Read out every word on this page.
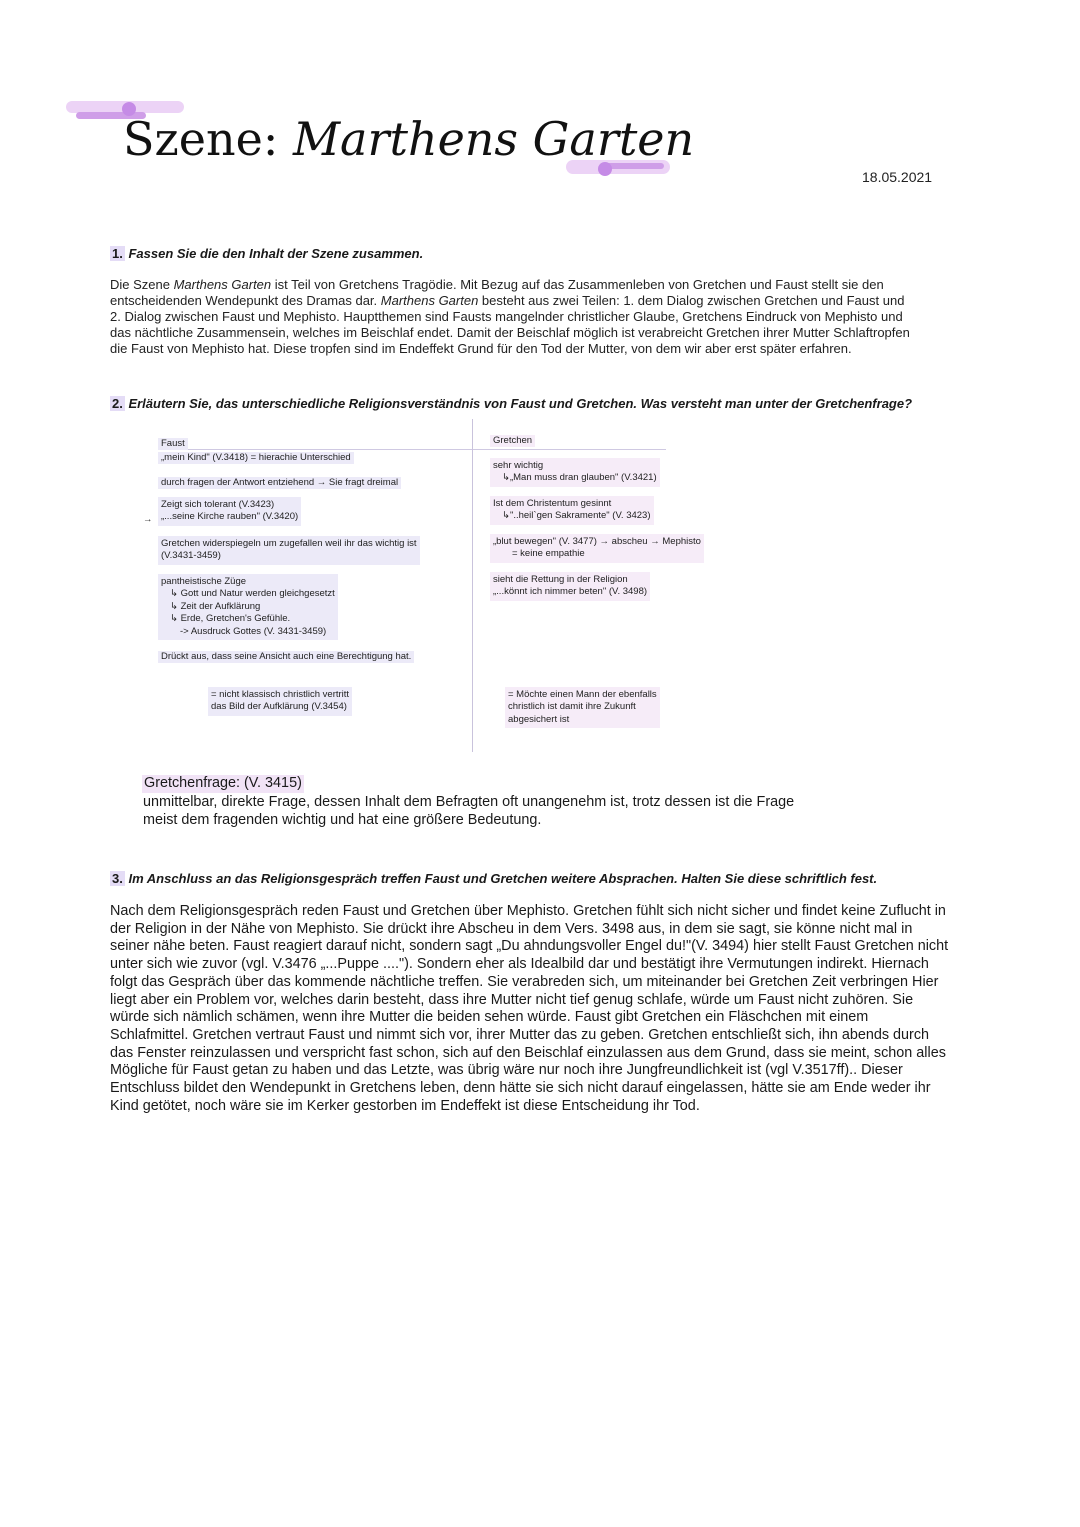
Szene: Marthens Garten
18.05.2021
1. Fassen Sie die den Inhalt der Szene zusammen.
Die Szene Marthens Garten ist Teil von Gretchens Tragödie. Mit Bezug auf das Zusammenleben von Gretchen und Faust stellt sie den entscheidenden Wendepunkt des Dramas dar. Marthens Garten besteht aus zwei Teilen: 1. dem Dialog zwischen Gretchen und Faust und 2. Dialog zwischen Faust und Mephisto. Hauptthemen sind Fausts mangelnder christlicher Glaube, Gretchens Eindruck von Mephisto und das nächtliche Zusammensein, welches im Beischlaf endet. Damit der Beischlaf möglich ist verabreicht Gretchen ihrer Mutter Schlaftropfen die Faust von Mephisto hat. Diese tropfen sind im Endeffekt Grund für den Tod der Mutter, von dem wir aber erst später erfahren.
2. Erläutern Sie, das unterschiedliche Religionsverständnis von Faust und Gretchen. Was versteht man unter der Gretchenfrage?
Faust	Gretchen
„mein Kind" (V.3418) = hierachie Unterschied
durch fragen der Antwort entziehend → Sie fragt dreimal
Zeigt sich tolerant (V.3423)
„...seine Kirche rauben" (V.3420)
→
Gretchen widerspiegeln um zugefallen weil ihr das wichtig ist
(V.3431-3459)
pantheistische Züge
↳ Gott und Natur werden gleichgesetzt
↳ Zeit der Aufklärung
↳ Erde, Gretchen's Gefühle.
-> Ausdruck Gottes (V. 3431-3459)
Drückt aus, dass seine Ansicht auch eine Berechtigung hat.
= nicht klassisch christlich vertritt
das Bild der Aufklärung (V.3454)
sehr wichtig
↳„Man muss dran glauben" (V.3421)
Ist dem Christentum gesinnt
↳"..heil`gen Sakramente" (V. 3423)
„blut bewegen" (V. 3477) → abscheu → Mephisto
= keine empathie
sieht die Rettung in der Religion
„...könnt ich nimmer beten" (V. 3498)
= Möchte einen Mann der ebenfalls
christlich ist damit ihre Zukunft
abgesichert ist
Gretchenfrage: (V. 3415)
unmittelbar, direkte Frage, dessen Inhalt dem Befragten oft unangenehm ist, trotz dessen ist die Frage meist dem fragenden wichtig und hat eine größere Bedeutung.
3. Im Anschluss an das Religionsgespräch treffen Faust und Gretchen weitere Absprachen. Halten Sie diese schriftlich fest.
Nach dem Religionsgespräch reden Faust und Gretchen über Mephisto. Gretchen fühlt sich nicht sicher und findet keine Zuflucht in der Religion in der Nähe von Mephisto. Sie drückt ihre Abscheu in dem Vers. 3498 aus, in dem sie sagt, sie könne nicht mal in seiner nähe beten. Faust reagiert darauf nicht, sondern sagt „Du ahndungsvoller Engel du!"(V. 3494) hier stellt Faust Gretchen nicht unter sich wie zuvor (vgl. V.3476 „...Puppe ...."). Sondern eher als Idealbild dar und bestätigt ihre Vermutungen indirekt. Hiernach folgt das Gespräch über das kommende nächtliche treffen. Sie verabreden sich, um miteinander bei Gretchen Zeit verbringen Hier liegt aber ein Problem vor, welches darin besteht, dass ihre Mutter nicht tief genug schlafe, würde um Faust nicht zuhören. Sie würde sich nämlich schämen, wenn ihre Mutter die beiden sehen würde. Faust gibt Gretchen ein Fläschchen mit einem Schlafmittel. Gretchen vertraut Faust und nimmt sich vor, ihrer Mutter das zu geben. Gretchen entschließt sich, ihn abends durch das Fenster reinzulassen und verspricht fast schon, sich auf den Beischlaf einzulassen aus dem Grund, dass sie meint, schon alles Mögliche für Faust getan zu haben und das Letzte, was übrig wäre nur noch ihre Jungfreundlichkeit ist (vgl V.3517ff).. Dieser Entschluss bildet den Wendepunkt in Gretchens leben, denn hätte sie sich nicht darauf eingelassen, hätte sie am Ende weder ihr Kind getötet, noch wäre sie im Kerker gestorben im Endeffekt ist diese Entscheidung ihr Tod.
